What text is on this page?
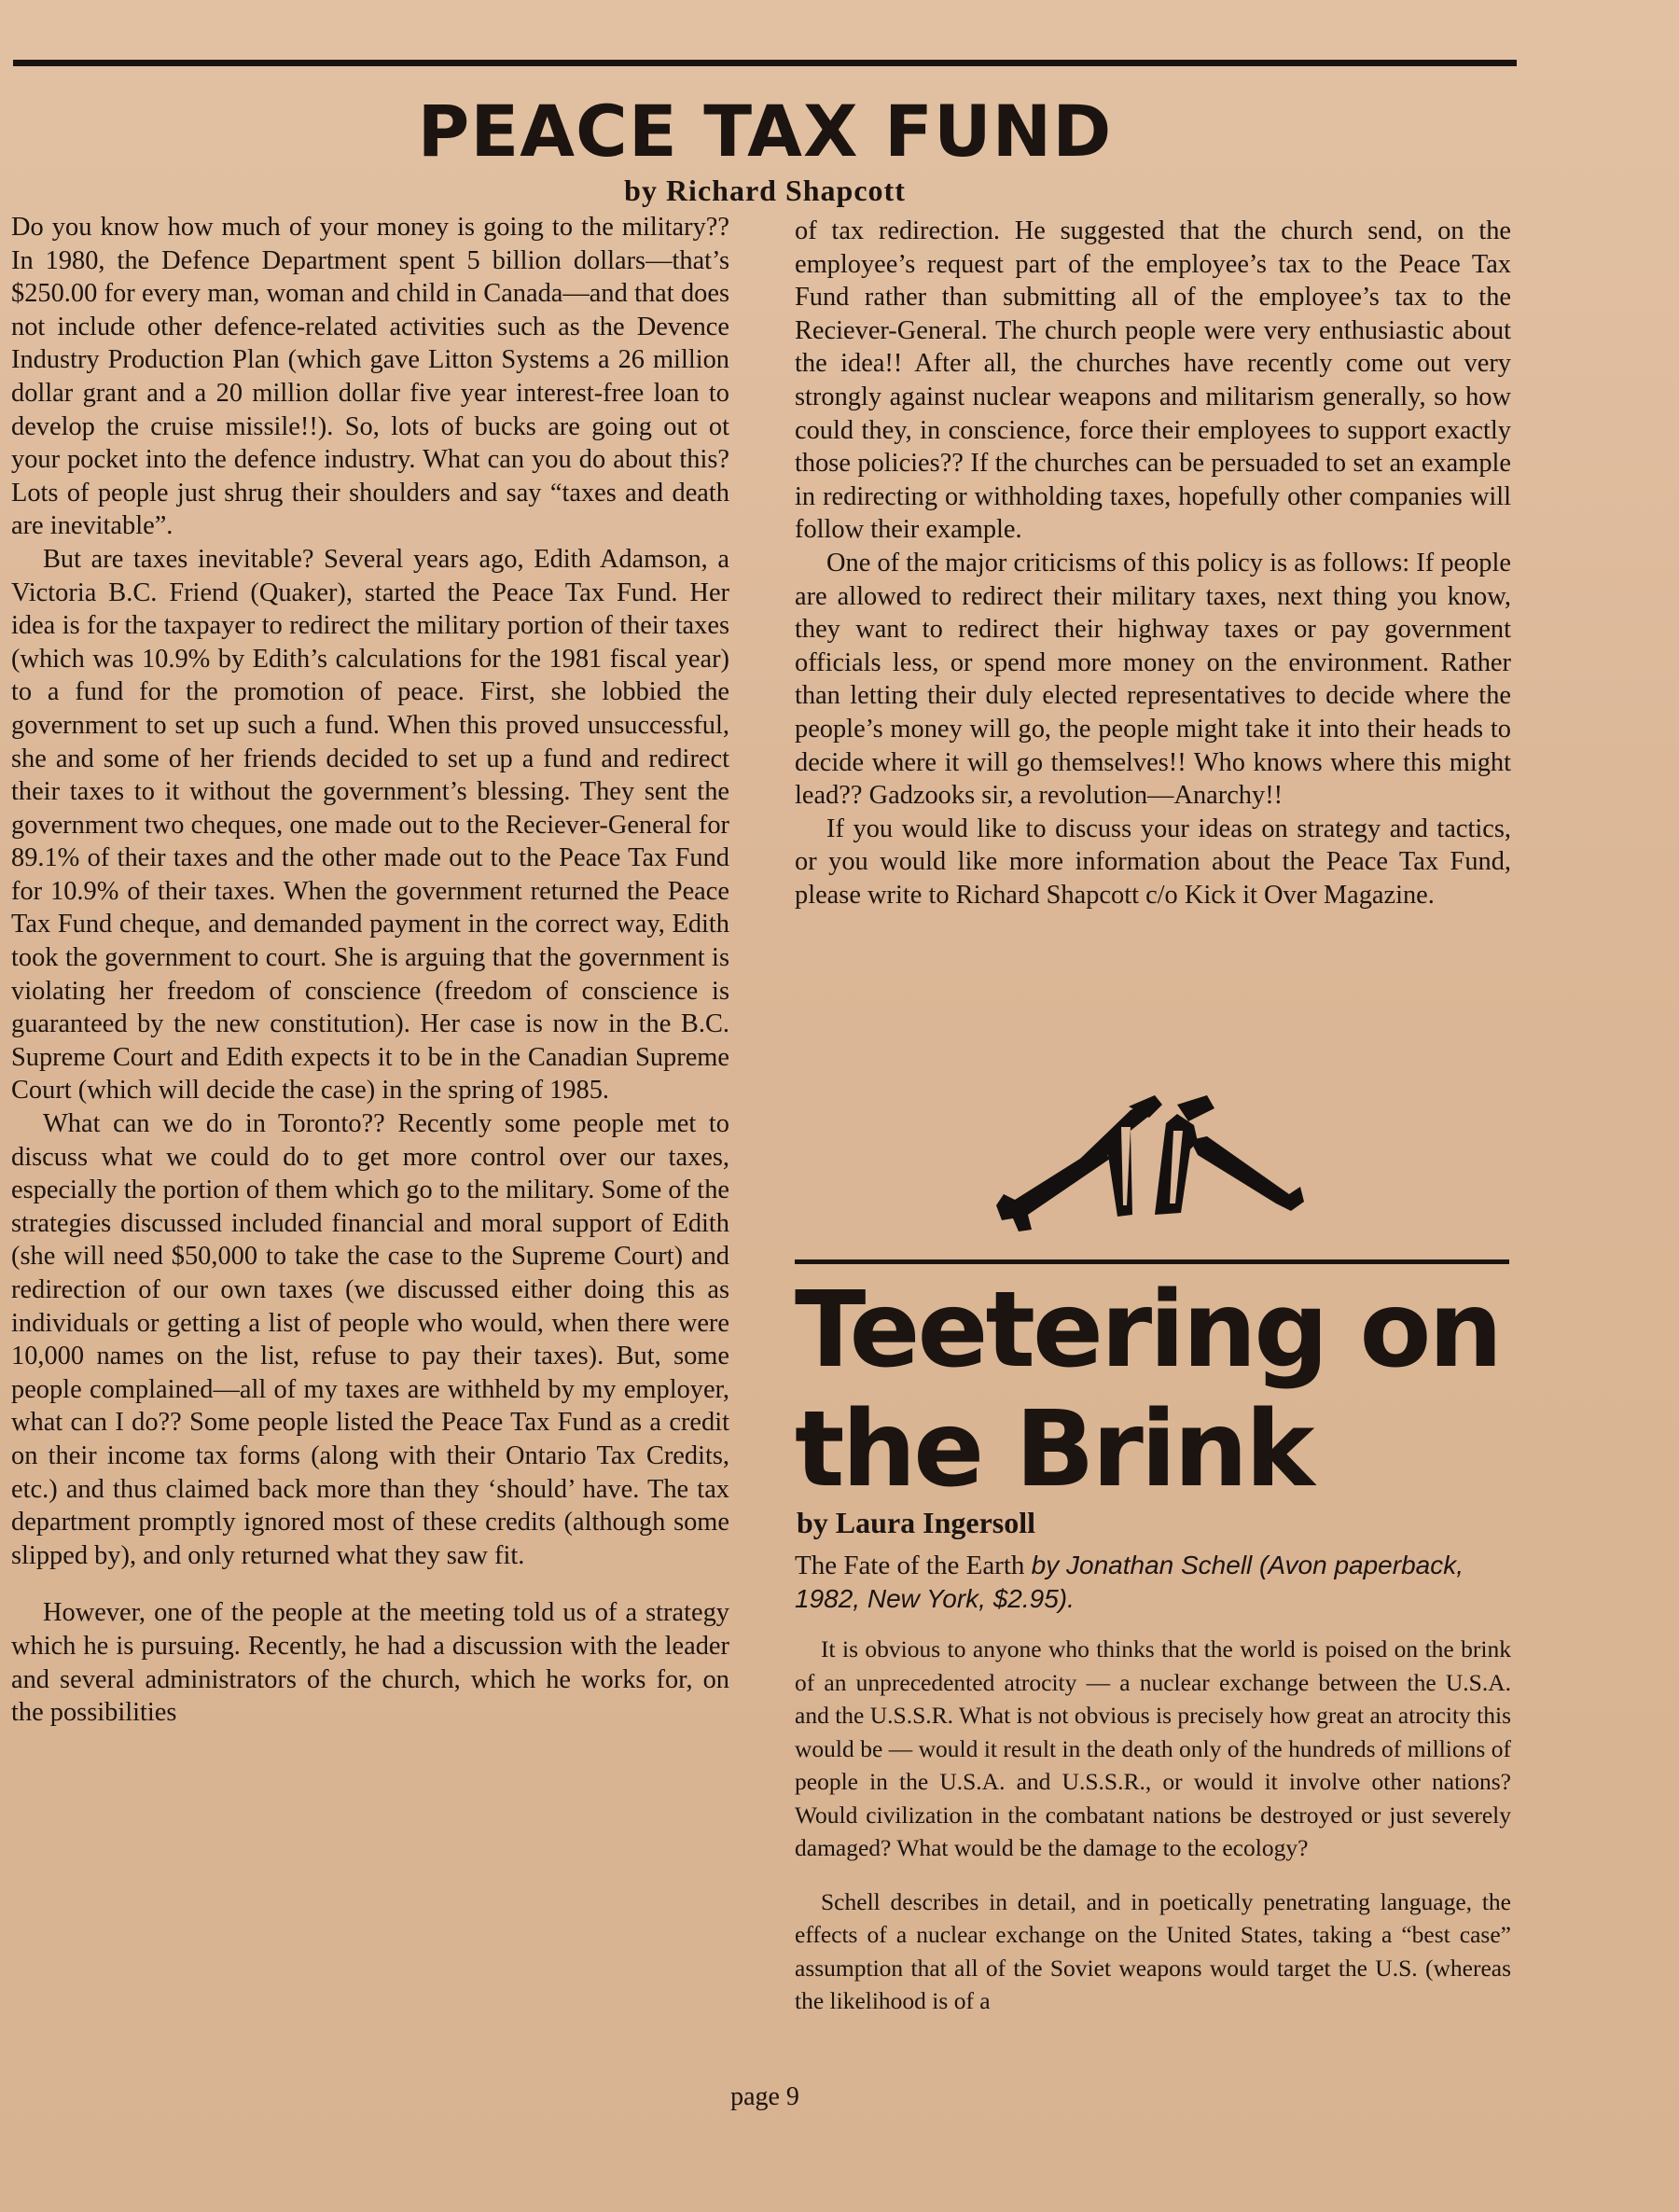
PEACE TAX FUND
by Richard Shapcott

Do you know how much of your money is going to the military?? In 1980, the Defence Department spent 5 billion dollars—that’s $250.00 for every man, woman and child in Canada—and that does not include other defence-related activities such as the Devence Industry Production Plan (which gave Litton Systems a 26 million dollar grant and a 20 million dollar five year interest-free loan to develop the cruise missile!!). So, lots of bucks are going out ot your pocket into the defence industry. What can you do about this? Lots of people just shrug their shoulders and say “taxes and death are inevitable”.

But are taxes inevitable? Several years ago, Edith Adamson, a Victoria B.C. Friend (Quaker), started the Peace Tax Fund. Her idea is for the taxpayer to redirect the military portion of their taxes (which was 10.9% by Edith’s calculations for the 1981 fiscal year) to a fund for the promotion of peace. First, she lobbied the government to set up such a fund. When this proved unsuccessful, she and some of her friends decided to set up a fund and redirect their taxes to it without the government’s blessing. They sent the government two cheques, one made out to the Reciever-General for 89.1% of their taxes and the other made out to the Peace Tax Fund for 10.9% of their taxes. When the government returned the Peace Tax Fund cheque, and demanded payment in the correct way, Edith took the government to court. She is arguing that the government is violating her freedom of conscience (freedom of conscience is guaranteed by the new constitution). Her case is now in the B.C. Supreme Court and Edith expects it to be in the Canadian Supreme Court (which will decide the case) in the spring of 1985.

What can we do in Toronto?? Recently some people met to discuss what we could do to get more control over our taxes, especially the portion of them which go to the military. Some of the strategies discussed included financial and moral support of Edith (she will need $50,000 to take the case to the Supreme Court) and redirection of our own taxes (we discussed either doing this as individuals or getting a list of people who would, when there were 10,000 names on the list, refuse to pay their taxes). But, some people complained—all of my taxes are withheld by my employer, what can I do?? Some people listed the Peace Tax Fund as a credit on their income tax forms (along with their Ontario Tax Credits, etc.) and thus claimed back more than they ‘should’ have. The tax department promptly ignored most of these credits (although some slipped by), and only returned what they saw fit.

However, one of the people at the meeting told us of a strategy which he is pursuing. Recently, he had a discussion with the leader and several administrators of the church, which he works for, on the possibilities

of tax redirection. He suggested that the church send, on the employee’s request part of the employee’s tax to the Peace Tax Fund rather than submitting all of the employee’s tax to the Reciever-General. The church people were very enthusiastic about the idea!! After all, the churches have recently come out very strongly against nuclear weapons and militarism generally, so how could they, in conscience, force their employees to support exactly those policies?? If the churches can be persuaded to set an example in redirecting or withholding taxes, hopefully other companies will follow their example.

One of the major criticisms of this policy is as follows: If people are allowed to redirect their military taxes, next thing you know, they want to redirect their highway taxes or pay government officials less, or spend more money on the environment. Rather than letting their duly elected representatives to decide where the people’s money will go, the people might take it into their heads to decide where it will go themselves!! Who knows where this might lead?? Gadzooks sir, a revolution—Anarchy!!

If you would like to discuss your ideas on strategy and tactics, or you would like more information about the Peace Tax Fund, please write to Richard Shapcott c/o Kick it Over Magazine.

Teetering on
the Brink
by Laura Ingersoll
The Fate of the Earth by Jonathan Schell (Avon paperback, 1982, New York, $2.95).

It is obvious to anyone who thinks that the world is poised on the brink of an unprecedented atrocity — a nuclear exchange between the U.S.A. and the U.S.S.R. What is not obvious is precisely how great an atrocity this would be — would it result in the death only of the hundreds of millions of people in the U.S.A. and U.S.S.R., or would it involve other nations? Would civilization in the combatant nations be destroyed or just severely damaged? What would be the damage to the ecology?

Schell describes in detail, and in poetically penetrating language, the effects of a nuclear exchange on the United States, taking a “best case” assumption that all of the Soviet weapons would target the U.S. (whereas the likelihood is of a

page 9
